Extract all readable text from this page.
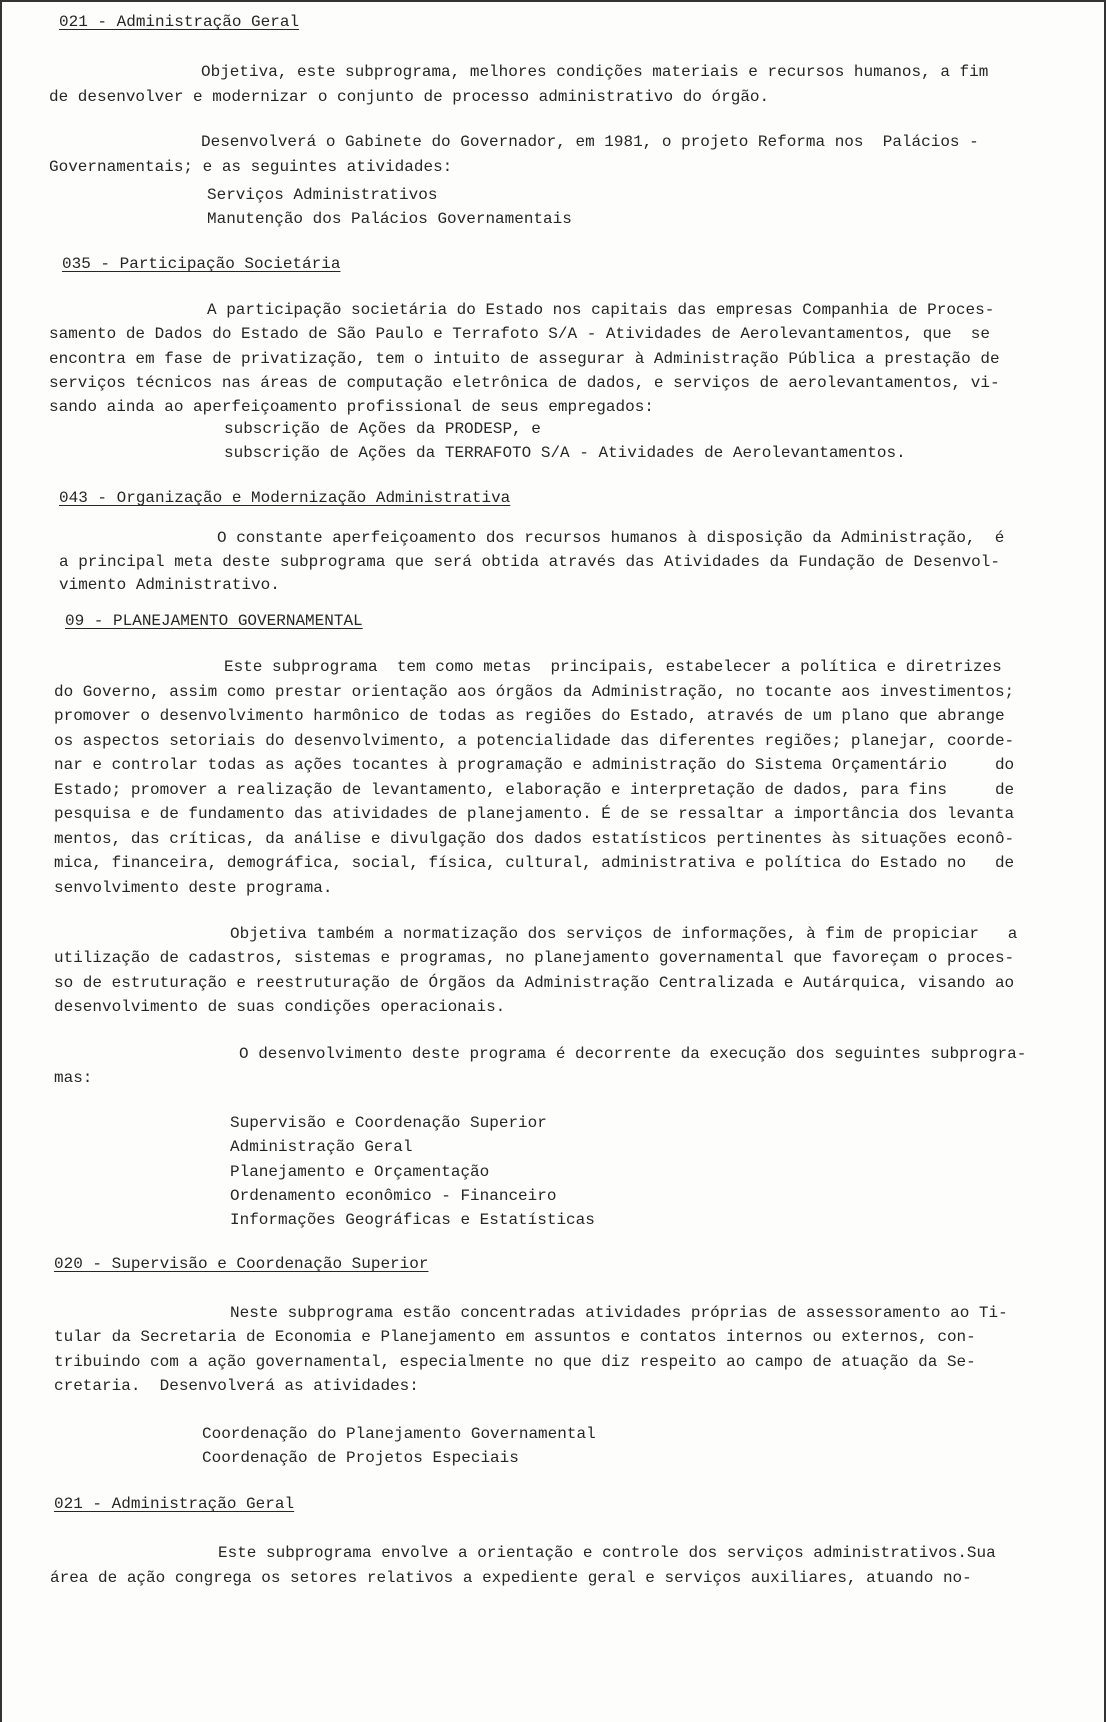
021 - Administração Geral
Objetiva, este subprograma, melhores condições materiais e recursos humanos, a fim
de desenvolver e modernizar o conjunto de processo administrativo do órgão.
Desenvolverá o Gabinete do Governador, em 1981, o projeto Reforma nos  Palácios -
Governamentais; e as seguintes atividades:
Serviços Administrativos
Manutenção dos Palácios Governamentais
035 - Participação Societária
A participação societária do Estado nos capitais das empresas Companhia de Proces-
samento de Dados do Estado de São Paulo e Terrafoto S/A - Atividades de Aerolevantamentos, que  se
encontra em fase de privatização, tem o intuito de assegurar à Administração Pública a prestação de
serviços técnicos nas áreas de computação eletrônica de dados, e serviços de aerolevantamentos, vi-
sando ainda ao aperfeiçoamento profissional de seus empregados:
subscrição de Ações da PRODESP, e
subscrição de Ações da TERRAFOTO S/A - Atividades de Aerolevantamentos.
043 - Organização e Modernização Administrativa
O constante aperfeiçoamento dos recursos humanos à disposição da Administração,  é
a principal meta deste subprograma que será obtida através das Atividades da Fundação de Desenvol-
vimento Administrativo.
09 - PLANEJAMENTO GOVERNAMENTAL
Este subprograma  tem como metas  principais, estabelecer a política e diretrizes
do Governo, assim como prestar orientação aos órgãos da Administração, no tocante aos investimentos;
promover o desenvolvimento harmônico de todas as regiões do Estado, através de um plano que abrange
os aspectos setoriais do desenvolvimento, a potencialidade das diferentes regiões; planejar, coorde-
nar e controlar todas as ações tocantes à programação e administração do Sistema Orçamentário     do
Estado; promover a realização de levantamento, elaboração e interpretação de dados, para fins     de
pesquisa e de fundamento das atividades de planejamento. É de se ressaltar a importância dos levanta
mentos, das críticas, da análise e divulgação dos dados estatísticos pertinentes às situações econô-
mica, financeira, demográfica, social, física, cultural, administrativa e política do Estado no   de
senvolvimento deste programa.
Objetiva também a normatização dos serviços de informações, à fim de propiciar   a
utilização de cadastros, sistemas e programas, no planejamento governamental que favoreçam o proces-
so de estruturação e reestruturação de Órgãos da Administração Centralizada e Autárquica, visando ao
desenvolvimento de suas condições operacionais.
O desenvolvimento deste programa é decorrente da execução dos seguintes subprogra-
mas:
Supervisão e Coordenação Superior
Administração Geral
Planejamento e Orçamentação
Ordenamento econômico - Financeiro
Informações Geográficas e Estatísticas
020 - Supervisão e Coordenação Superior
Neste subprograma estão concentradas atividades próprias de assessoramento ao Ti-
tular da Secretaria de Economia e Planejamento em assuntos e contatos internos ou externos, con-
tribuindo com a ação governamental, especialmente no que diz respeito ao campo de atuação da Se-
cretaria.  Desenvolverá as atividades:
Coordenação do Planejamento Governamental
Coordenação de Projetos Especiais
021 - Administração Geral
Este subprograma envolve a orientação e controle dos serviços administrativos.Sua
área de ação congrega os setores relativos a expediente geral e serviços auxiliares, atuando no-
